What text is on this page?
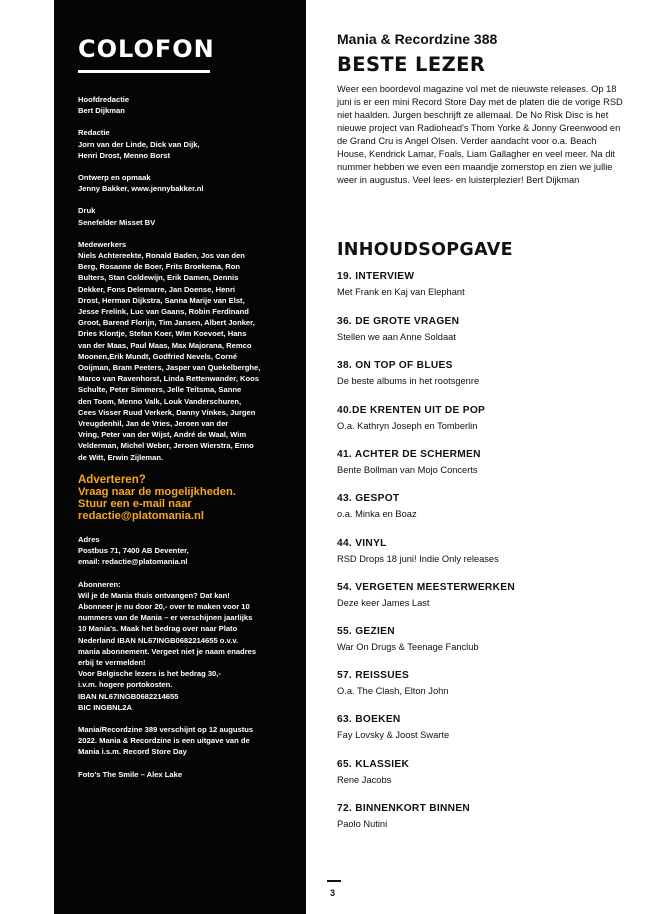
COLOFON

Hoofdredactie

Bert Dijkman

Redactie

Jorn van der Linde, Dick van Dijk,

Henri Drost, Menno Borst

Ontwerp en opmaak

Jenny Bakker, www.jennybakker.nl

Druk

Senefelder Misset BV

Medewerkers

Niels Achtereekte, Ronald Baden, Jos van den

Berg, Rosanne de Boer, Frits Broekema, Ron

Bulters, Stan Coldewijn, Erik Damen, Dennis

Dekker, Fons Delemarre, Jan Doense, Henri

Drost, Herman Dijkstra, Sanna Marije van Elst,

Jesse Frelink, Luc van Gaans, Robin Ferdinand

Groot, Barend Florijn, Tim Jansen, Albert Jonker,

Dries Klontje, Stefan Koer, Wim Koevoet, Hans

van der Maas, Paul Maas, Max Majorana, Remco

Moonen,Erik Mundt, Godfried Nevels, Corné

Ooijman, Bram Peeters, Jasper van Quekelberghe,

Marco van Ravenhorst, Linda Rettenwander, Koos

Schulte, Peter Simmers, Jelle Teitsma, Sanne

den Toom, Menno Valk, Louk Vanderschuren,

Cees Visser Ruud Verkerk, Danny Vinkes, Jurgen

Vreugdenhil, Jan de Vries, Jeroen van der

Vring, Peter van der Wijst, André de Waal, Wim

Velderman, Michel Weber, Jeroen Wierstra, Enno

de Witt, Erwin Zijleman.

Adverteren?

Vraag naar de mogelijkheden.

Stuur een e-mail naar

redactie@platomania.nl

Adres

Postbus 71, 7400 AB Deventer,

email: redactie@platomania.nl

Abonneren:

Wil je de Mania thuis ontvangen? Dat kan!

Abonneer je nu door 20,- over te maken voor 10

nummers van de Mania – er verschijnen jaarlijks

10 Mania's. Maak het bedrag over naar Plato

Nederland IBAN NL67INGB0682214655 o.v.v.

mania abonnement. Vergeet niet je naam enadres

erbij te vermelden!

Voor Belgische lezers is het bedrag 30,-

i.v.m. hogere portokosten.

IBAN NL67INGB0682214655

BIC INGBNL2A

Mania/Recordzine 389 verschijnt op 12 augustus

2022. Mania & Recordzine is een uitgave van de

Mania i.s.m. Record Store Day

Foto's The Smile – Alex Lake

Mania & Recordzine 388
BESTE LEZER

Weer een boordevol magazine vol met de nieuwste releases. Op 18 juni is er een mini Record Store Day met de platen die de vorige RSD niet haalden. Jurgen beschrijft ze allemaal. De No Risk Disc is het nieuwe project van Radiohead's Thom Yorke & Jonny Greenwood en de Grand Cru is Angel Olsen. Verder aandacht voor o.a. Beach House, Kendrick Lamar, Foals, Liam Gallagher en veel meer. Na dit nummer hebben we even een maandje zomerstop en zien we jullie weer in augustus. Veel lees- en luisterplezier! Bert Dijkman

INHOUDSOPGAVE
19. INTERVIEW
Met Frank en Kaj van Elephant
36. DE GROTE VRAGEN
Stellen we aan Anne Soldaat
38. ON TOP OF BLUES
De beste albums in het rootsgenre
40.DE KRENTEN UIT DE POP
O.a. Kathryn Joseph en Tomberlin
41. ACHTER DE SCHERMEN
Bente Bollman van Mojo Concerts
43. GESPOT
o.a. Minka en Boaz
44. VINYL
RSD Drops 18 juni! Indie Only releases
54. VERGETEN MEESTERWERKEN
Deze keer James Last
55. GEZIEN
War On Drugs & Teenage Fanclub
57. REISSUES
O.a. The Clash, Elton John
63. BOEKEN
Fay Lovsky & Joost Swarte
65. KLASSIEK
Rene Jacobs
72. BINNENKORT BINNEN
Paolo Nutini
3
